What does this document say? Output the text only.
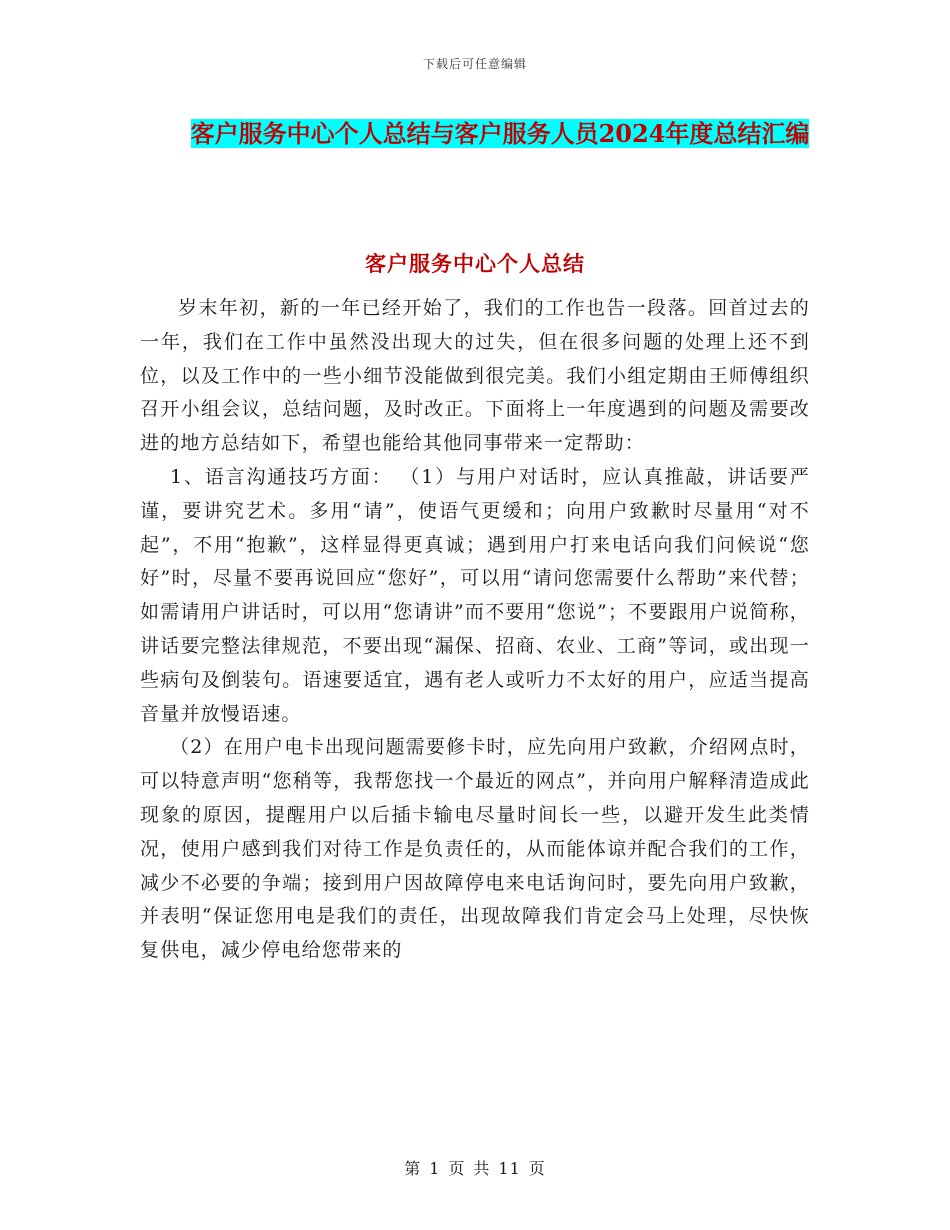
下载后可任意编辑
客户服务中心个人总结与客户服务人员2024年度总结汇编
客户服务中心个人总结

岁末年初，新的一年已经开始了，我们的工作也告一段落。回首过去的一年，我们在工作中虽然没出现大的过失，但在很多问题的处理上还不到位，以及工作中的一些小细节没能做到很完美。我们小组定期由王师傅组织召开小组会议，总结问题，及时改正。下面将上一年度遇到的问题及需要改进的地方总结如下，希望也能给其他同事带来一定帮助：

1、语言沟通技巧方面： （1）与用户对话时，应认真推敲，讲话要严谨，要讲究艺术。多用“请”，使语气更缓和；向用户致歉时尽量用“对不起”，不用“抱歉”，这样显得更真诚；遇到用户打来电话向我们问候说“您好”时，尽量不要再说回应“您好”，可以用“请问您需要什么帮助”来代替；如需请用户讲话时，可以用“您请讲”而不要用“您说”；不要跟用户说简称，讲话要完整法律规范，不要出现“漏保、招商、农业、工商”等词，或出现一些病句及倒装句。语速要适宜，遇有老人或听力不太好的用户，应适当提高音量并放慢语速。

（2）在用户电卡出现问题需要修卡时，应先向用户致歉，介绍网点时，可以特意声明“您稍等，我帮您找一个最近的网点”，并向用户解释清造成此现象的原因，提醒用户以后插卡输电尽量时间长一些，以避开发生此类情况，使用户感到我们对待工作是负责任的，从而能体谅并配合我们的工作，减少不必要的争端；接到用户因故障停电来电话询问时，要先向用户致歉，并表明“保证您用电是我们的责任，出现故障我们肯定会马上处理，尽快恢复供电，减少停电给您带来的

第 1 页 共 11 页
